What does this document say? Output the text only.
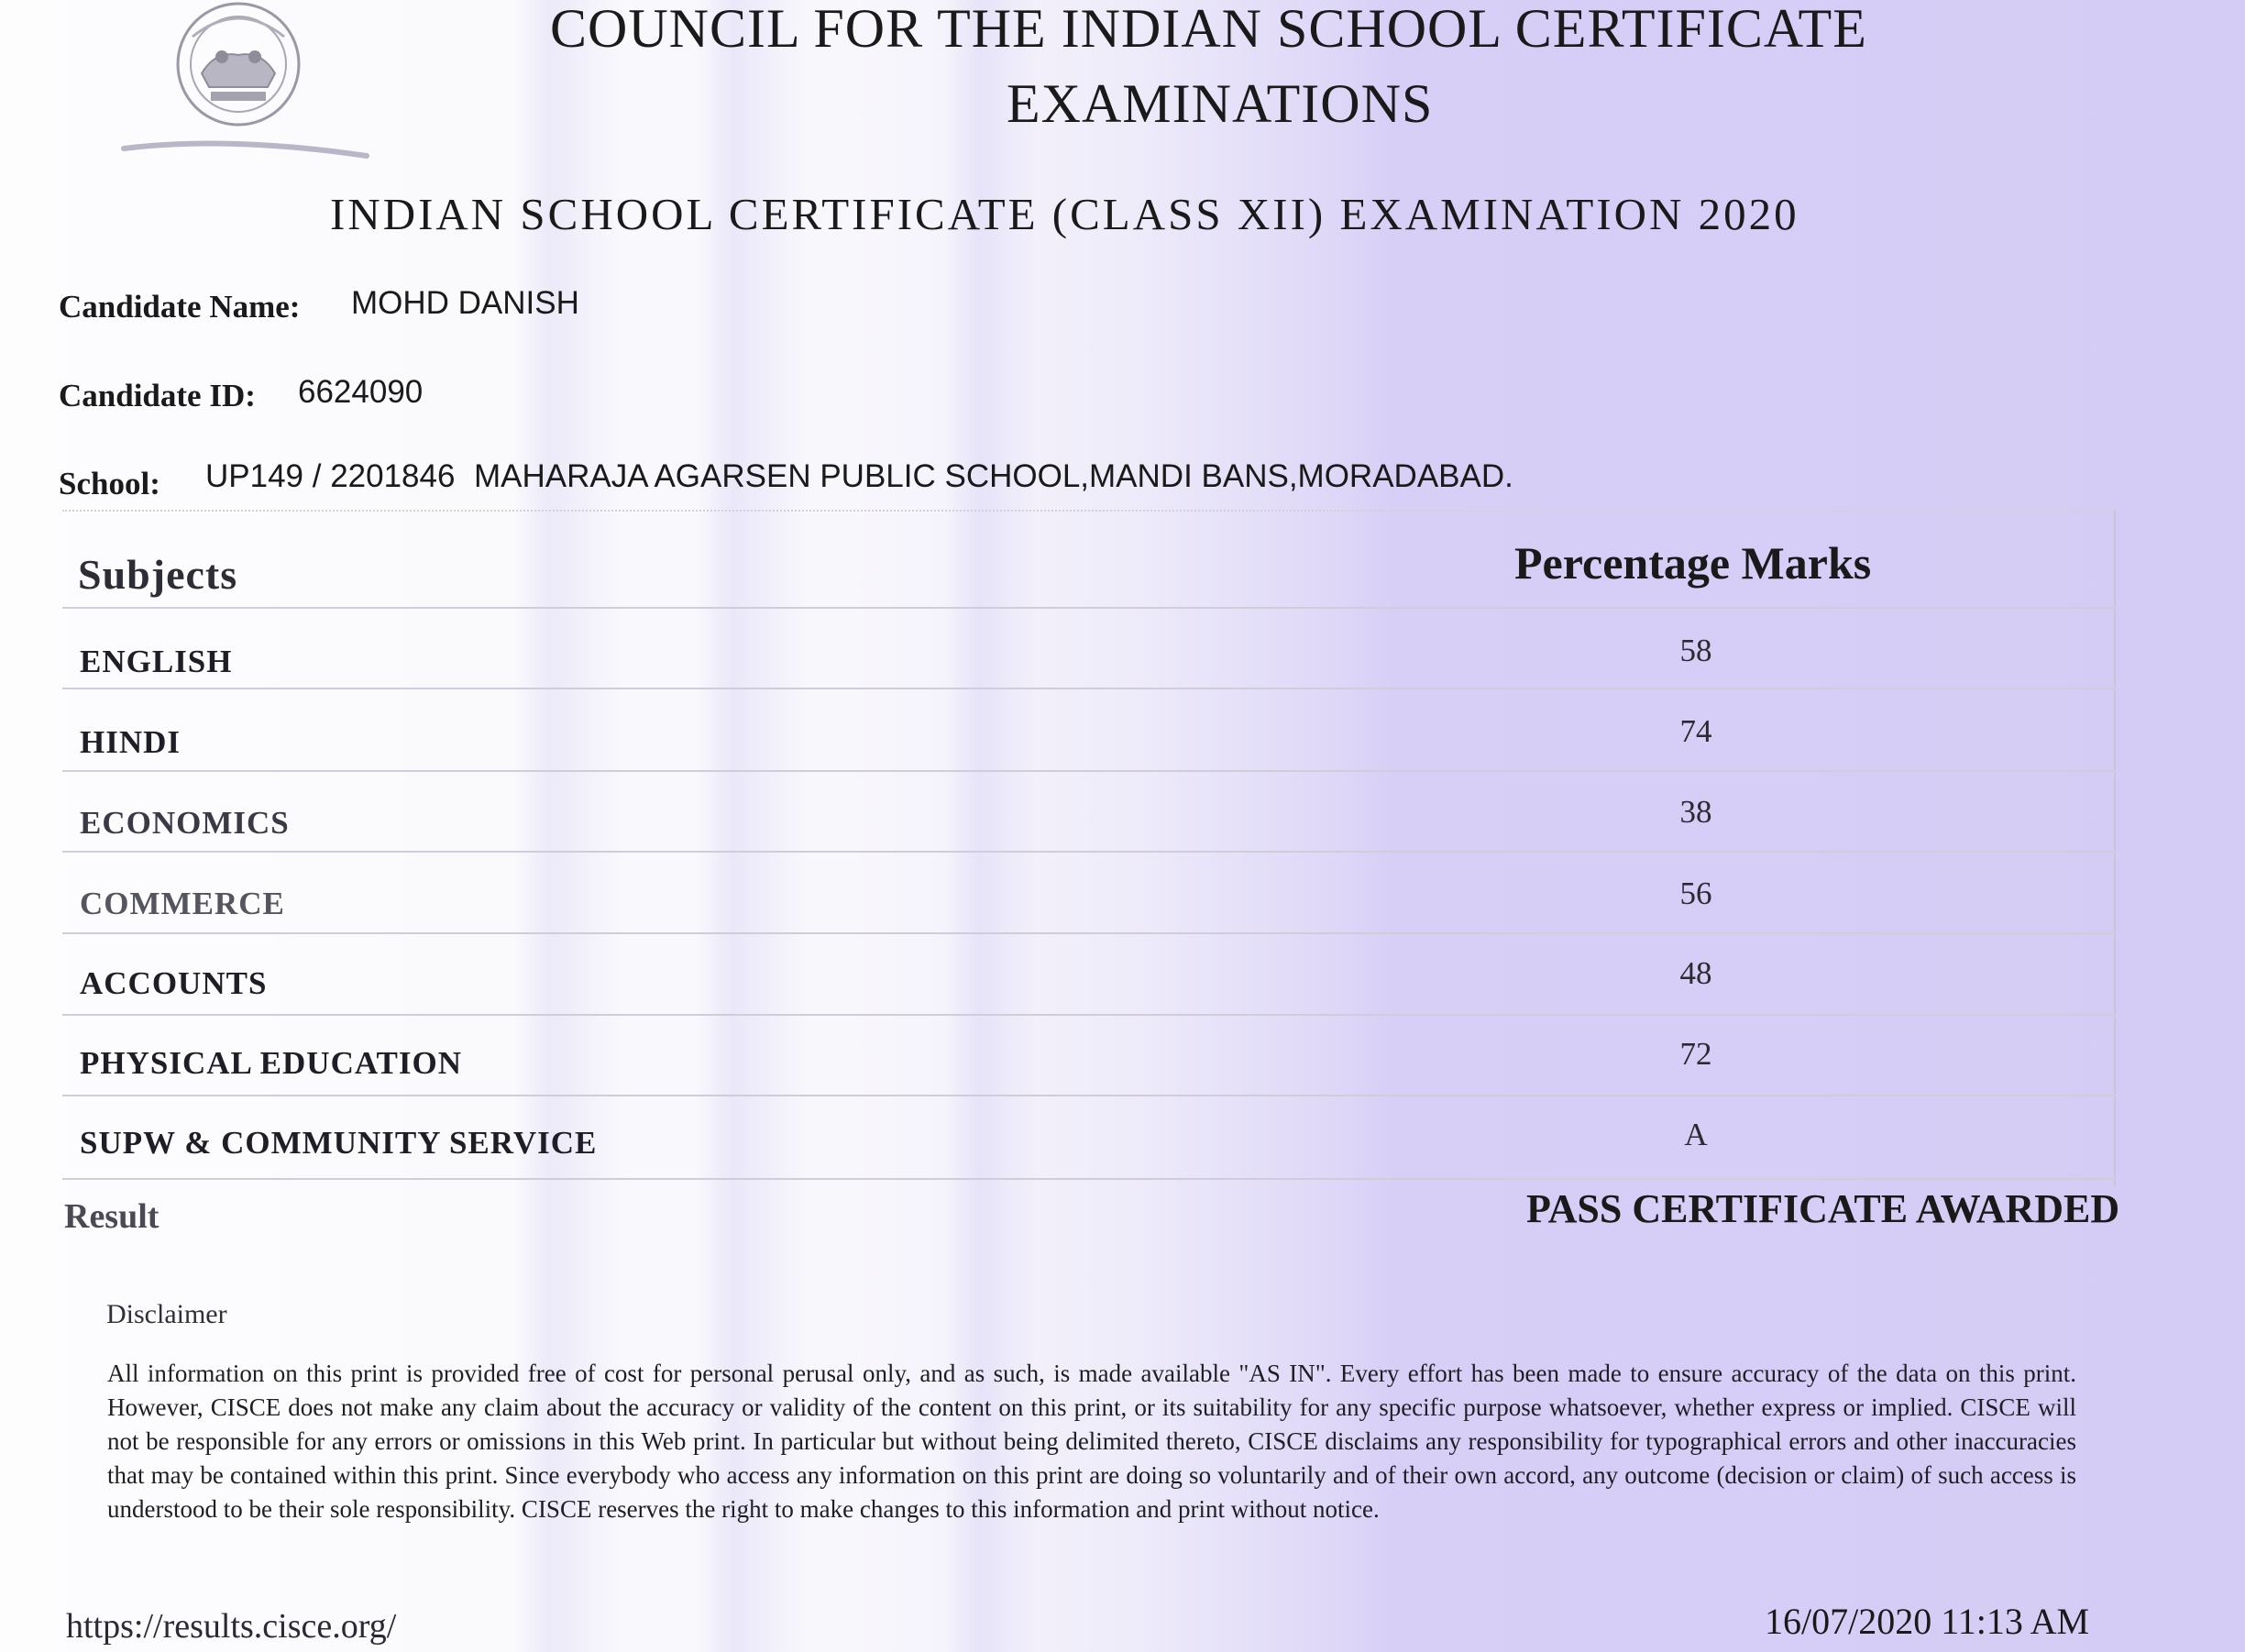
COUNCIL FOR THE INDIAN SCHOOL CERTIFICATE
EXAMINATIONS
INDIAN SCHOOL CERTIFICATE (CLASS XII) EXAMINATION 2020
Candidate Name: MOHD DANISH
Candidate ID: 6624090
School: UP149 / 2201846 MAHARAJA AGARSEN PUBLIC SCHOOL,MANDI BANS,MORADABAD.
Subjects	Percentage Marks
ENGLISH	58
HINDI	74
ECONOMICS	38
COMMERCE	56
ACCOUNTS	48
PHYSICAL EDUCATION	72
SUPW & COMMUNITY SERVICE	A
Result	PASS CERTIFICATE AWARDED
Disclaimer
All information on this print is provided free of cost for personal perusal only, and as such, is made available "AS IN". Every effort has been made to ensure accuracy of the data on this print. However, CISCE does not make any claim about the accuracy or validity of the content on this print, or its suitability for any specific purpose whatsoever, whether express or implied. CISCE will not be responsible for any errors or omissions in this Web print. In particular but without being delimited thereto, CISCE disclaims any responsibility for typographical errors and other inaccuracies that may be contained within this print. Since everybody who access any information on this print are doing so voluntarily and of their own accord, any outcome (decision or claim) of such access is understood to be their sole responsibility. CISCE reserves the right to make changes to this information and print without notice.
https://results.cisce.org/	16/07/2020 11:13 AM
